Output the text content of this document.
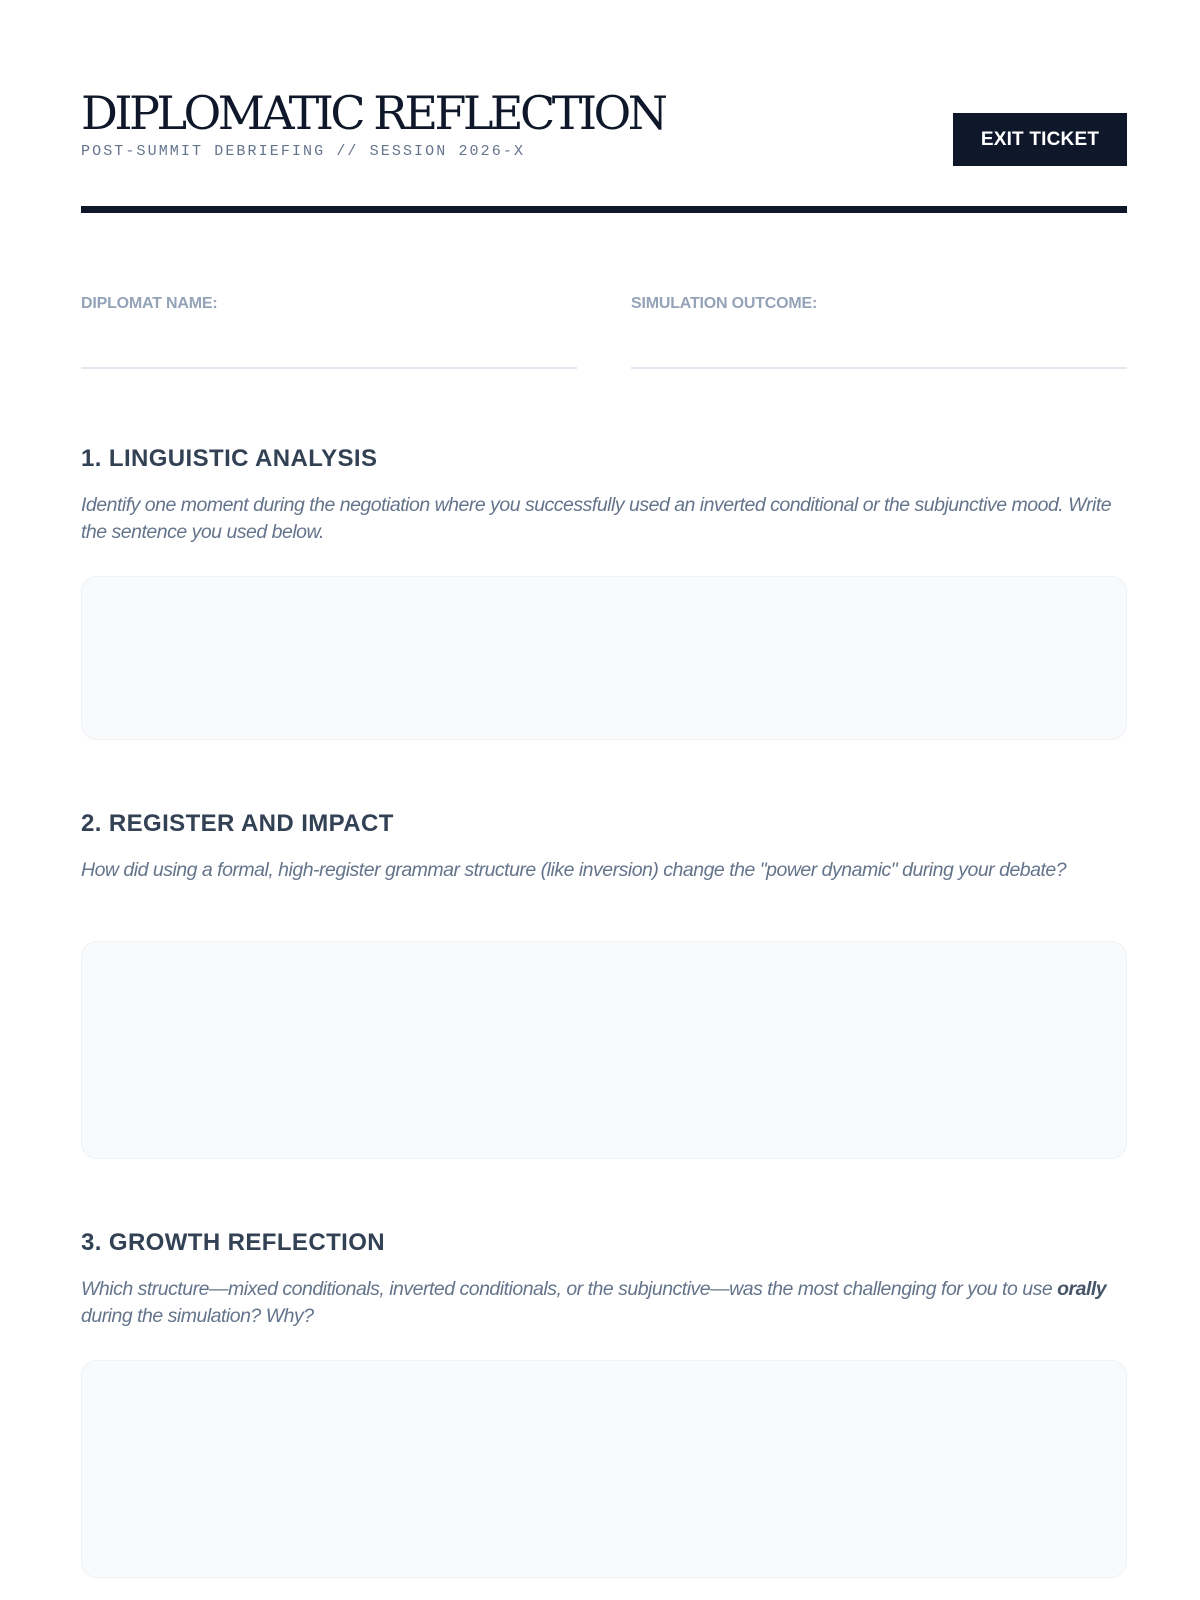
DIPLOMATIC REFLECTION
POST-SUMMIT DEBRIEFING // SESSION 2026-X
EXIT TICKET
DIPLOMAT NAME:	SIMULATION OUTCOME:
1. LINGUISTIC ANALYSIS

Identify one moment during the negotiation where you successfully used an inverted conditional or the subjunctive mood. Write the sentence you used below.

2. REGISTER AND IMPACT

How did using a formal, high-register grammar structure (like inversion) change the "power dynamic" during your debate?

3. GROWTH REFLECTION

Which structure—mixed conditionals, inverted conditionals, or the subjunctive—was the most challenging for you to use orally during the simulation? Why?
